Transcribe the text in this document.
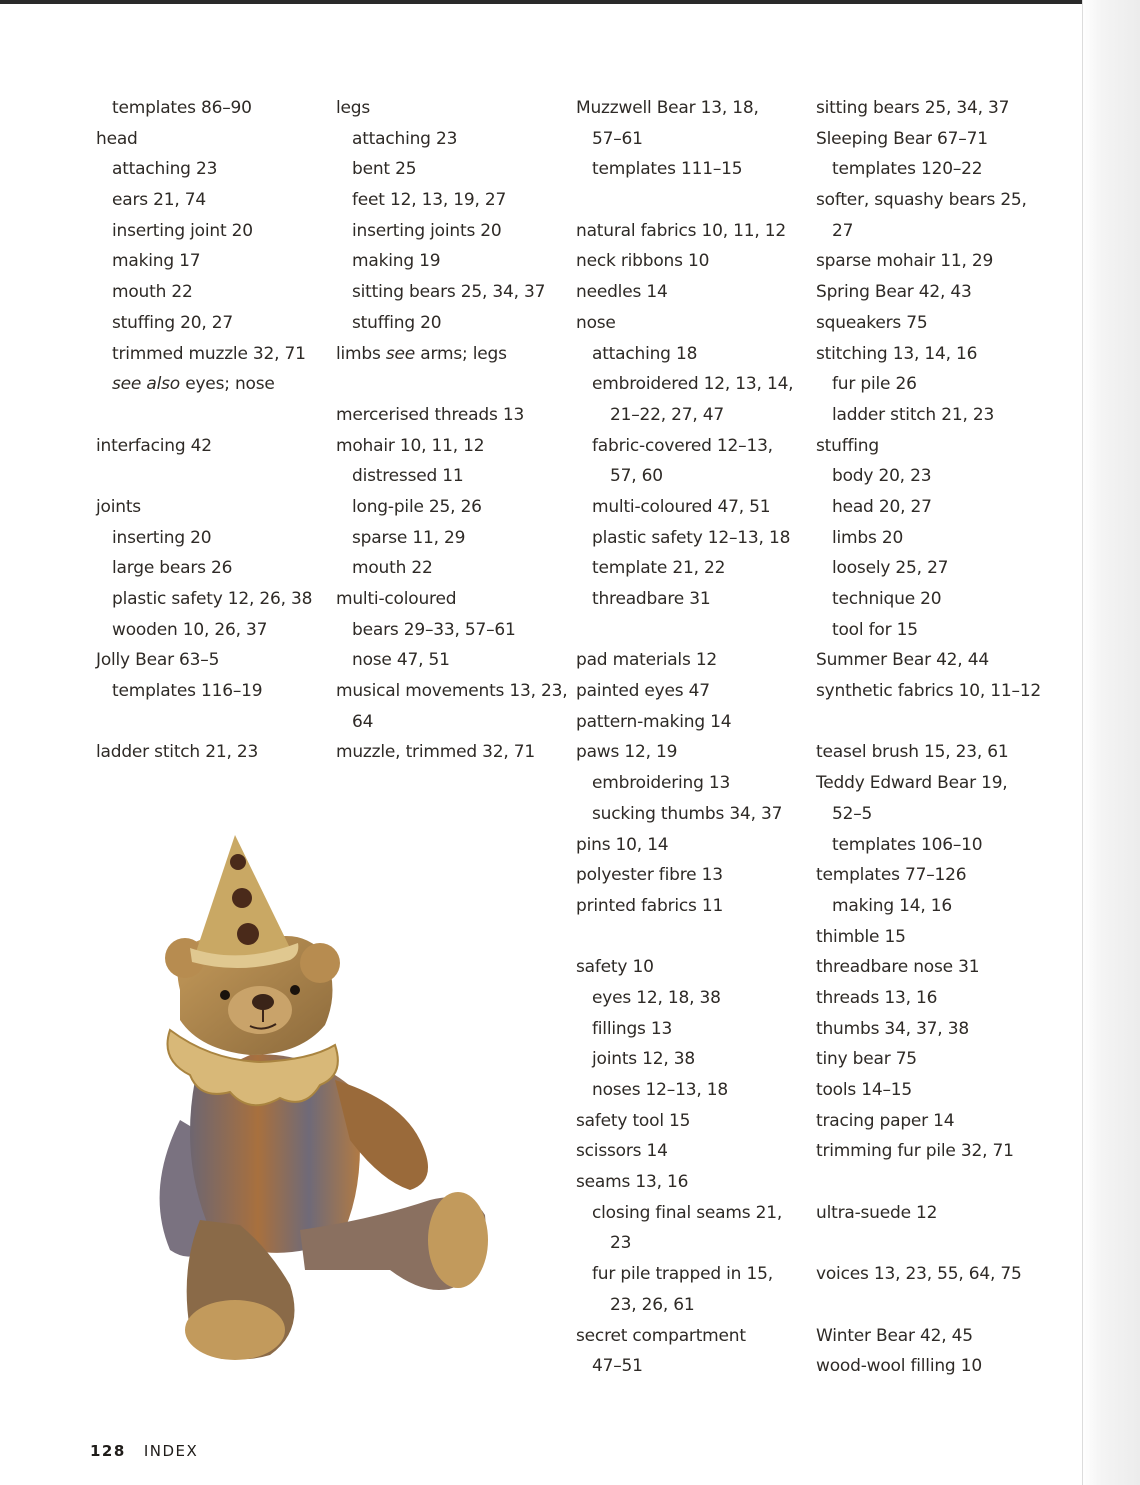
templates 86–90
head
attaching 23
ears 21, 74
inserting joint 20
making 17
mouth 22
stuffing 20, 27
trimmed muzzle 32, 71
see also eyes; nose
interfacing 42
joints
inserting 20
large bears 26
plastic safety 12, 26, 38
wooden 10, 26, 37
Jolly Bear 63–5
templates 116–19
ladder stitch 21, 23
legs
attaching 23
bent 25
feet 12, 13, 19, 27
inserting joints 20
making 19
sitting bears 25, 34, 37
stuffing 20
limbs see arms; legs
mercerised threads 13
mohair 10, 11, 12
distressed 11
long-pile 25, 26
sparse 11, 29
mouth 22
multi-coloured
bears 29–33, 57–61
nose 47, 51
musical movements 13, 23,
64
muzzle, trimmed 32, 71
Muzzwell Bear 13, 18,
57–61
templates 111–15
natural fabrics 10, 11, 12
neck ribbons 10
needles 14
nose
attaching 18
embroidered 12, 13, 14,
21–22, 27, 47
fabric-covered 12–13,
57, 60
multi-coloured 47, 51
plastic safety 12–13, 18
template 21, 22
threadbare 31
pad materials 12
painted eyes 47
pattern-making 14
paws 12, 19
embroidering 13
sucking thumbs 34, 37
pins 10, 14
polyester fibre 13
printed fabrics 11
safety 10
eyes 12, 18, 38
fillings 13
joints 12, 38
noses 12–13, 18
safety tool 15
scissors 14
seams 13, 16
closing final seams 21,
23
fur pile trapped in 15,
23, 26, 61
secret compartment
47–51
sitting bears 25, 34, 37
Sleeping Bear 67–71
templates 120–22
softer, squashy bears 25,
27
sparse mohair 11, 29
Spring Bear 42, 43
squeakers 75
stitching 13, 14, 16
fur pile 26
ladder stitch 21, 23
stuffing
body 20, 23
head 20, 27
limbs 20
loosely 25, 27
technique 20
tool for 15
Summer Bear 42, 44
synthetic fabrics 10, 11–12
teasel brush 15, 23, 61
Teddy Edward Bear 19,
52–5
templates 106–10
templates 77–126
making 14, 16
thimble 15
threadbare nose 31
threads 13, 16
thumbs 34, 37, 38
tiny bear 75
tools 14–15
tracing paper 14
trimming fur pile 32, 71
ultra-suede 12
voices 13, 23, 55, 64, 75
Winter Bear 42, 45
wood-wool filling 10
128 INDEX
